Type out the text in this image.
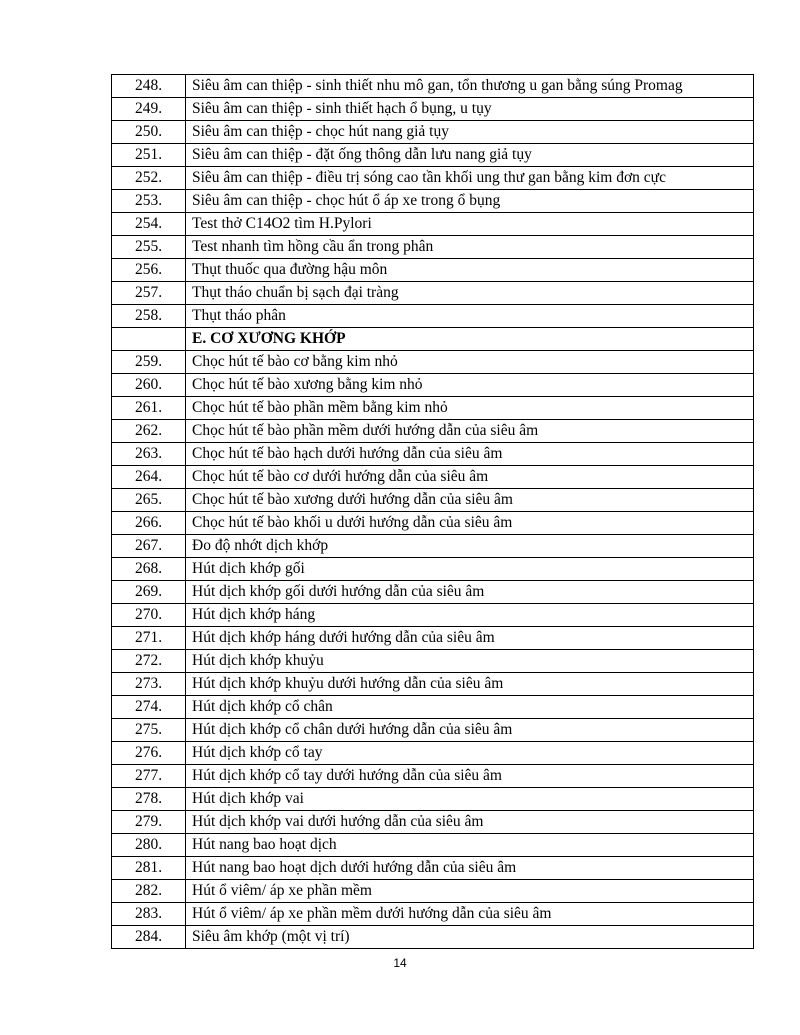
248.	Siêu âm can thiệp - sinh thiết nhu mô gan, tổn thương u gan bằng súng Promag
249.	Siêu âm can thiệp - sinh thiết hạch ổ bụng, u tụy
250.	Siêu âm can thiệp - chọc hút nang giả tụy
251.	Siêu âm can thiệp - đặt ống thông dẫn lưu nang giả tụy
252.	Siêu âm can thiệp - điều trị sóng cao tần khối ung thư gan bằng kim đơn cực
253.	Siêu âm can thiệp - chọc hút ổ áp xe trong ổ bụng
254.	Test thở C14O2 tìm H.Pylori
255.	Test nhanh tìm hồng cầu ẩn trong phân
256.	Thụt thuốc qua đường hậu môn
257.	Thụt tháo chuẩn bị sạch đại tràng
258.	Thụt tháo phân
	E. CƠ XƯƠNG KHỚP
259.	Chọc hút tế bào cơ bằng kim nhỏ
260.	Chọc hút tế bào xương bằng kim nhỏ
261.	Chọc hút tế bào phần mềm bằng kim nhỏ
262.	Chọc hút tế bào phần mềm dưới hướng dẫn của siêu âm
263.	Chọc hút tế bào hạch dưới hướng dẫn của siêu âm
264.	Chọc hút tế bào cơ dưới hướng dẫn của siêu âm
265.	Chọc hút tế bào xương dưới hướng dẫn của siêu âm
266.	Chọc hút tế bào khối u dưới hướng dẫn của siêu âm
267.	Đo độ nhớt dịch khớp
268.	Hút dịch khớp gối
269.	Hút dịch khớp gối dưới hướng dẫn của siêu âm
270.	Hút dịch khớp háng
271.	Hút dịch khớp háng dưới hướng dẫn của siêu âm
272.	Hút dịch khớp khuỷu
273.	Hút dịch khớp khuỷu dưới hướng dẫn của siêu âm
274.	Hút dịch khớp cổ chân
275.	Hút dịch khớp cổ chân dưới hướng dẫn của siêu âm
276.	Hút dịch khớp cổ tay
277.	Hút dịch khớp cổ tay dưới hướng dẫn của siêu âm
278.	Hút dịch khớp vai
279.	Hút dịch khớp vai dưới hướng dẫn của siêu âm
280.	Hút nang bao hoạt dịch
281.	Hút nang bao hoạt dịch dưới hướng dẫn của siêu âm
282.	Hút ổ viêm/ áp xe phần mềm
283.	Hút ổ viêm/ áp xe phần mềm dưới hướng dẫn của siêu âm
284.	Siêu âm khớp (một vị trí)
14
